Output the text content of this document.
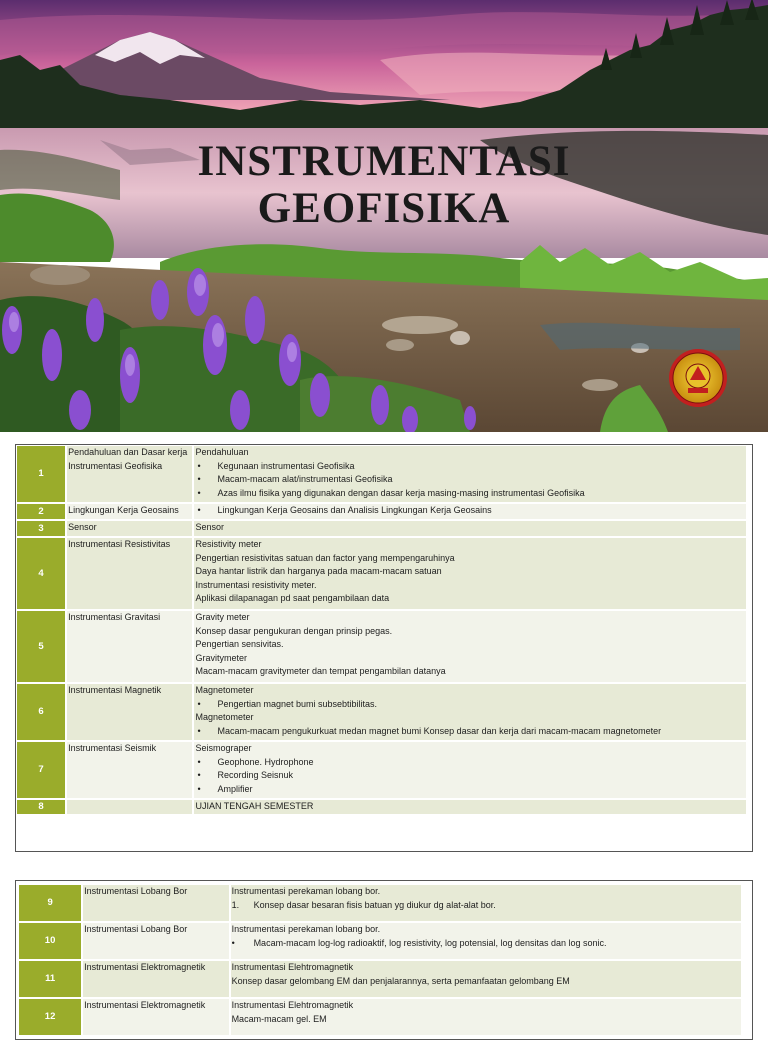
INSTRUMENTASI
GEOFISIKA
1	Pendahuluan dan Dasar kerja Instrumentasi Geofisika	Pendahuluan
• Kegunaan instrumentasi Geofisika
• Macam-macam alat/instrumentasi Geofisika
• Azas ilmu fisika yang digunakan dengan dasar kerja masing-masing instrumentasi Geofisika

2	Lingkungan Kerja Geosains	• Lingkungan Kerja Geosains dan Analisis Lingkungan Kerja Geosains

3	Sensor	Sensor

4	Instrumentasi Resistivitas	Resistivity meter
Pengertian resistivitas satuan dan factor yang mempengaruhinya
Daya hantar listrik dan harganya pada macam-macam satuan
Instrumentasi resistivity meter.
Aplikasi dilapanagan pd saat pengambilaan data

5	Instrumentasi Gravitasi	Gravity meter
Konsep dasar pengukuran dengan prinsip pegas.
Pengertian sensivitas.
Gravitymeter
Macam-macam gravitymeter dan tempat pengambilan datanya

6	Instrumentasi Magnetik	Magnetometer
• Pengertian magnet bumi subsebtibilitas.
Magnetometer
• Macam-macam pengukurkuat medan magnet bumi Konsep dasar dan kerja dari macam-macam magnetometer

7	Instrumentasi Seismik	Seismograper
• Geophone. Hydrophone
• Recording Seisnuk
• Amplifier

8		UJIAN TENGAH SEMESTER
9	Instrumentasi Lobang Bor	Instrumentasi perekaman lobang bor.
1. Konsep dasar besaran fisis batuan yg diukur dg alat-alat bor.

10	Instrumentasi Lobang Bor	Instrumentasi perekaman lobang bor.
• Macam-macam log-log radioaktif, log resistivity, log potensial, log densitas dan log sonic.

11	Instrumentasi Elektromagnetik	Instrumentasi Elehtromagnetik
Konsep dasar gelombang EM dan penjalarannya, serta pemanfaatan gelombang EM

12	Instrumentasi Elektromagnetik	Instrumentasi Elehtromagnetik
Macam-macam gel. EM
